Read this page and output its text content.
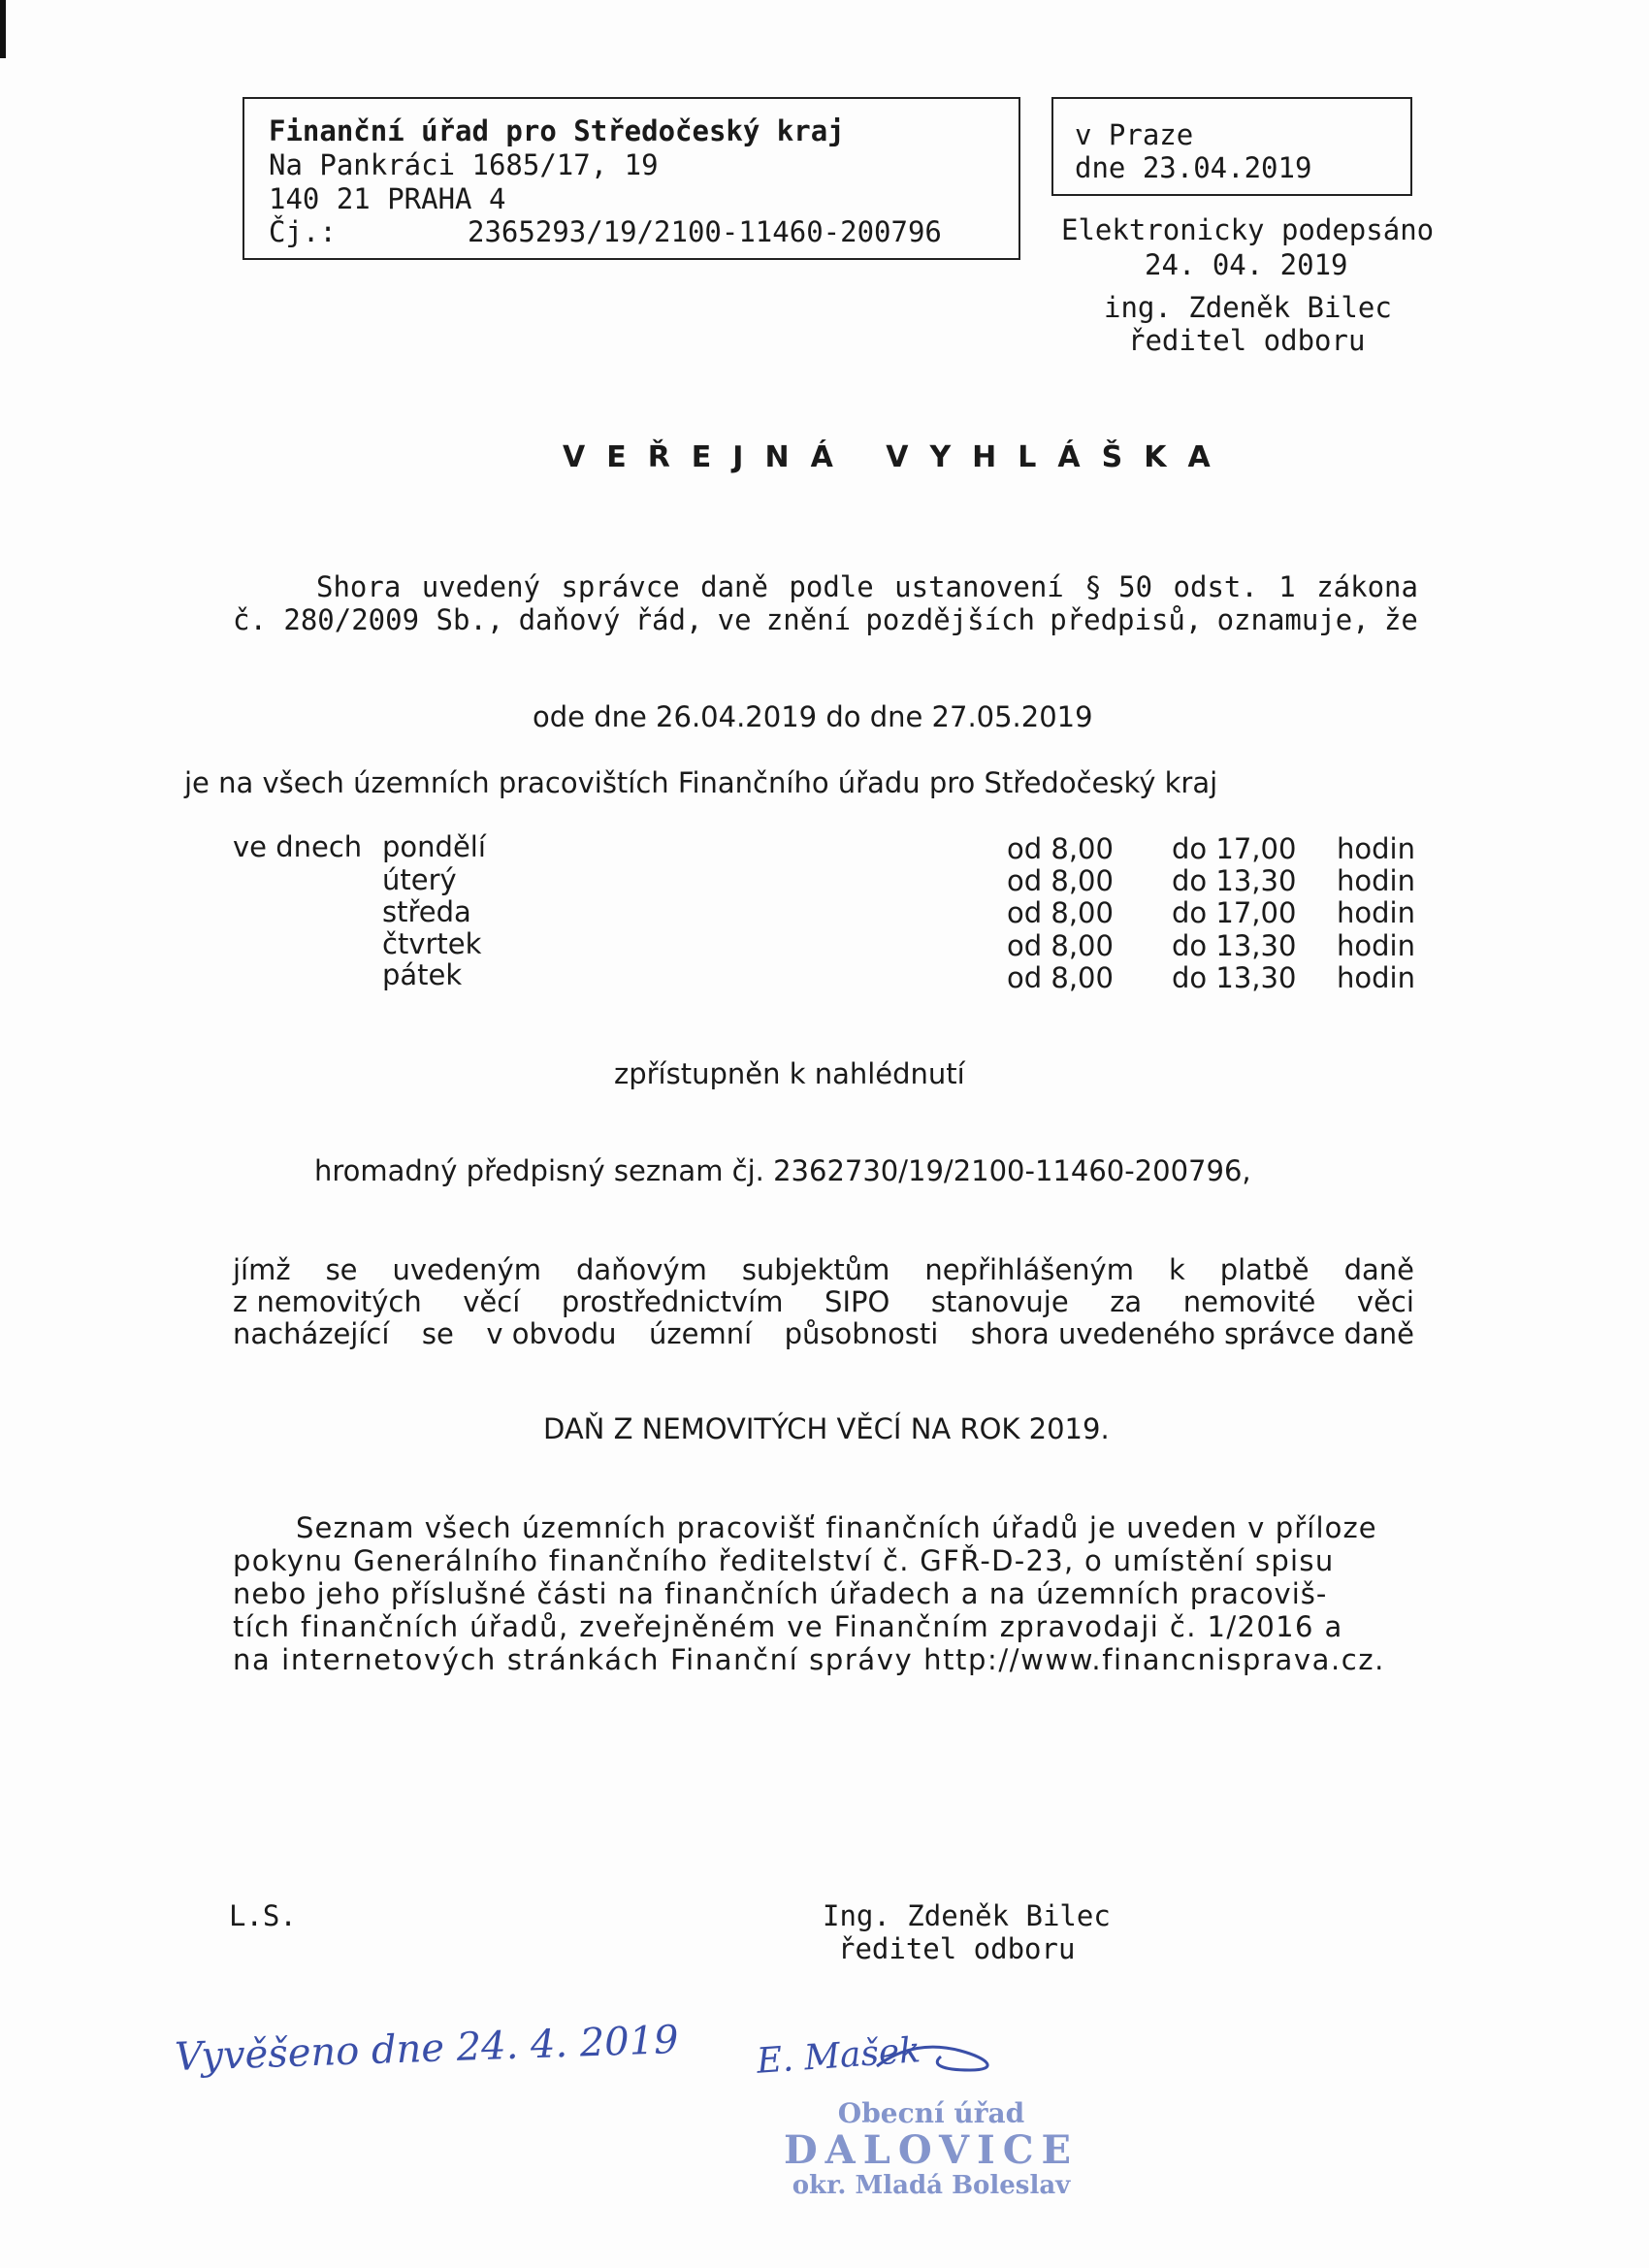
Finanční úřad pro Středočeský kraj
Na Pankráci 1685/17, 19
140 21 PRAHA 4
Čj.:	2365293/19/2100-11460-200796
v Praze
dne 23.04.2019
Elektronicky podepsáno
24. 04. 2019
ing. Zdeněk Bilec
ředitel odboru
VEŘEJNÁ VYHLÁŠKA
Shora uvedený správce daně podle ustanovení § 50 odst. 1 zákona
č. 280/2009 Sb., daňový řád, ve znění pozdějších předpisů, oznamuje, že
ode dne 26.04.2019 do dne 27.05.2019
je na všech územních pracovištích Finančního úřadu pro Středočeský kraj
ve dnech pondělí	od 8,00 do 17,00 hodin
úterý	od 8,00 do 13,30 hodin
středa	od 8,00 do 17,00 hodin
čtvrtek	od 8,00 do 13,30 hodin
pátek	od 8,00 do 13,30 hodin
zpřístupněn k nahlédnutí
hromadný předpisný seznam čj. 2362730/19/2100-11460-200796,
jímž se uvedeným daňovým subjektům nepřihlášeným k platbě daně
z nemovitých věcí prostřednictvím SIPO stanovuje za nemovité věci
nacházející se v obvodu územní působnosti shora uvedeného správce daně
DAŇ Z NEMOVITÝCH VĚCÍ NA ROK 2019.
Seznam všech územních pracovišť finančních úřadů je uveden v příloze
pokynu Generálního finančního ředitelství č. GFŘ-D-23, o umístění spisu
nebo jeho příslušné části na finančních úřadech a na územních pracoviš-
tích finančních úřadů, zveřejněném ve Finančním zpravodaji č. 1/2016 a
na internetových stránkách Finanční správy http://www.financnisprava.cz.
L.S.	Ing. Zdeněk Bilec
ředitel odboru
Vyvěšeno dne 24. 4. 2019 E. Mašek
Obecní úřad
DALOVICE
okr. Mladá Boleslav
